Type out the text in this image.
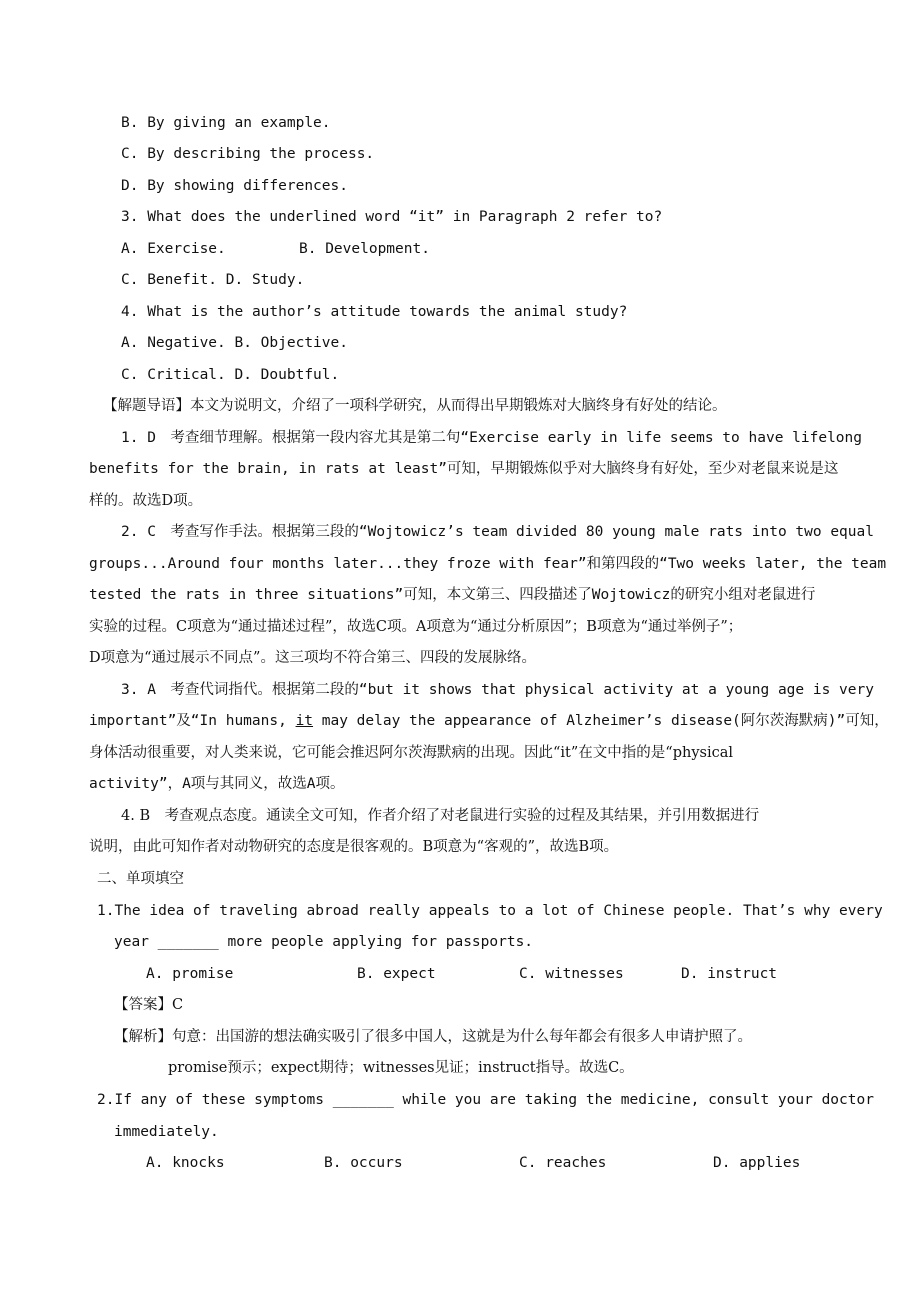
B. By giving an example.
C. By describing the process.
D. By showing differences.
3. What does the underlined word “it” in Paragraph 2 refer to?
A. Exercise.	B. Development.
C. Benefit. D. Study.
4. What is the author’s attitude towards the animal study?
A. Negative. B. Objective.
C. Critical. D. Doubtful.
【解题导语】本文为说明文，介绍了一项科学研究，从而得出早期锻炼对大脑终身有好处的结论。
1. D　考查细节理解。根据第一段内容尤其是第二句“Exercise early in life seems to have lifelong
benefits for the brain, in rats at least”可知，早期锻炼似乎对大脑终身有好处，至少对老鼠来说是这
样的。故选D项。
2. C　考查写作手法。根据第三段的“Wojtowicz’s team divided 80 young male rats into two equal
groups...Around four months later...they froze with fear”和第四段的“Two weeks later, the team
tested the rats in three situations”可知，本文第三、四段描述了Wojtowicz的研究小组对老鼠进行
实验的过程。C项意为“通过描述过程”，故选C项。A项意为“通过分析原因”；B项意为“通过举例子”；
D项意为“通过展示不同点”。这三项均不符合第三、四段的发展脉络。
3. A　考查代词指代。根据第二段的“but it shows that physical activity at a young age is very
important”及“In humans, it may delay the appearance of Alzheimer’s disease(阿尔茨海默病)”可知，
身体活动很重要，对人类来说，它可能会推迟阿尔茨海默病的出现。因此“it”在文中指的是“physical
activity”，A项与其同义，故选A项。
4. B　考查观点态度。通读全文可知，作者介绍了对老鼠进行实验的过程及其结果，并引用数据进行
说明，由此可知作者对动物研究的态度是很客观的。B项意为“客观的”，故选B项。
二、单项填空
1.The idea of traveling abroad really appeals to a lot of Chinese people. That’s why every
year _______ more people applying for passports.
A. promise	B. expect	C. witnesses	D. instruct
【答案】C
【解析】句意：出国游的想法确实吸引了很多中国人，这就是为什么每年都会有很多人申请护照了。
promise预示；expect期待；witnesses见证；instruct指导。故选C。
2.If any of these symptoms _______ while you are taking the medicine, consult your doctor
immediately.
A. knocks	B. occurs	C. reaches	D. applies
